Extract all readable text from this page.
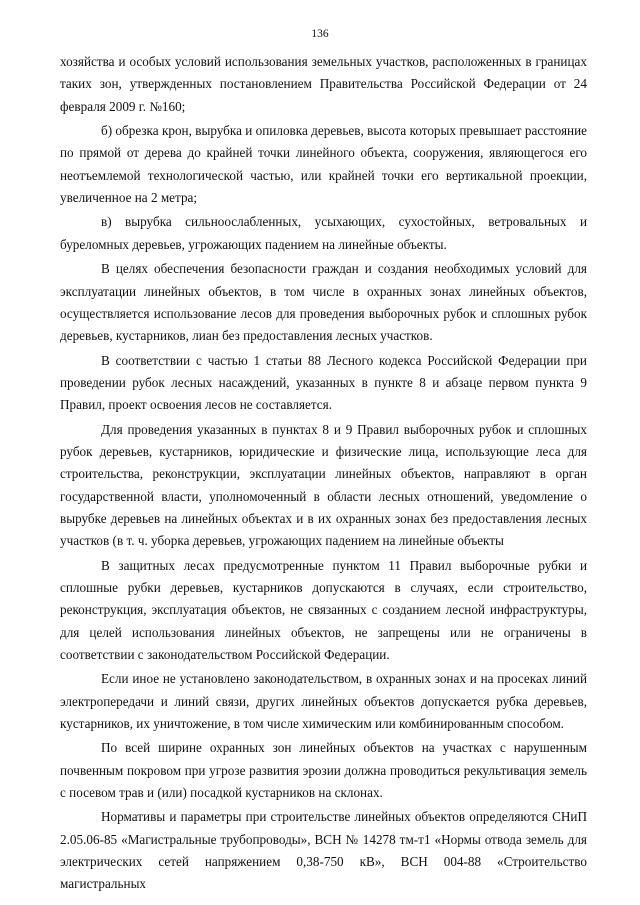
136

хозяйства и особых условий использования земельных участков, расположенных в границах таких зон, утвержденных постановлением Правительства Российской Федерации от 24 февраля 2009 г. №160;

б) обрезка крон, вырубка и опиловка деревьев, высота которых превышает расстояние по прямой от дерева до крайней точки линейного объекта, сооружения, являющегося его неотъемлемой технологической частью, или крайней точки его вертикальной проекции, увеличенное на 2 метра;

в) вырубка сильноослабленных, усыхающих, сухостойных, ветровальных и буреломных деревьев, угрожающих падением на линейные объекты.

В целях обеспечения безопасности граждан и создания необходимых условий для эксплуатации линейных объектов, в том числе в охранных зонах линейных объектов, осуществляется использование лесов для проведения выборочных рубок и сплошных рубок деревьев, кустарников, лиан без предоставления лесных участков.

В соответствии с частью 1 статьи 88 Лесного кодекса Российской Федерации при проведении рубок лесных насаждений, указанных в пункте 8 и абзаце первом пункта 9 Правил, проект освоения лесов не составляется.

Для проведения указанных в пунктах 8 и 9 Правил выборочных рубок и сплошных рубок деревьев, кустарников, юридические и физические лица, использующие леса для строительства, реконструкции, эксплуатации линейных объектов, направляют в орган государственной власти, уполномоченный в области лесных отношений, уведомление о вырубке деревьев на линейных объектах и в их охранных зонах без предоставления лесных участков (в т. ч. уборка деревьев, угрожающих падением на линейные объекты

В защитных лесах предусмотренные пунктом 11 Правил выборочные рубки и сплошные рубки деревьев, кустарников допускаются в случаях, если строительство, реконструкция, эксплуатация объектов, не связанных с созданием лесной инфраструктуры, для целей использования линейных объектов, не запрещены или не ограничены в соответствии с законодательством Российской Федерации.

Если иное не установлено законодательством, в охранных зонах и на просеках линий электропередачи и линий связи, других линейных объектов допускается рубка деревьев, кустарников, их уничтожение, в том числе химическим или комбинированным способом.

По всей ширине охранных зон линейных объектов на участках с нарушенным почвенным покровом при угрозе развития эрозии должна проводиться рекультивация земель с посевом трав и (или) посадкой кустарников на склонах.

Нормативы и параметры при строительстве линейных объектов определяются СНиП 2.05.06-85 «Магистральные трубопроводы», ВСН № 14278 тм-т1 «Нормы отвода земель для электрических сетей напряжением 0,38-750 кВ», ВСН 004-88 «Строительство магистральных
